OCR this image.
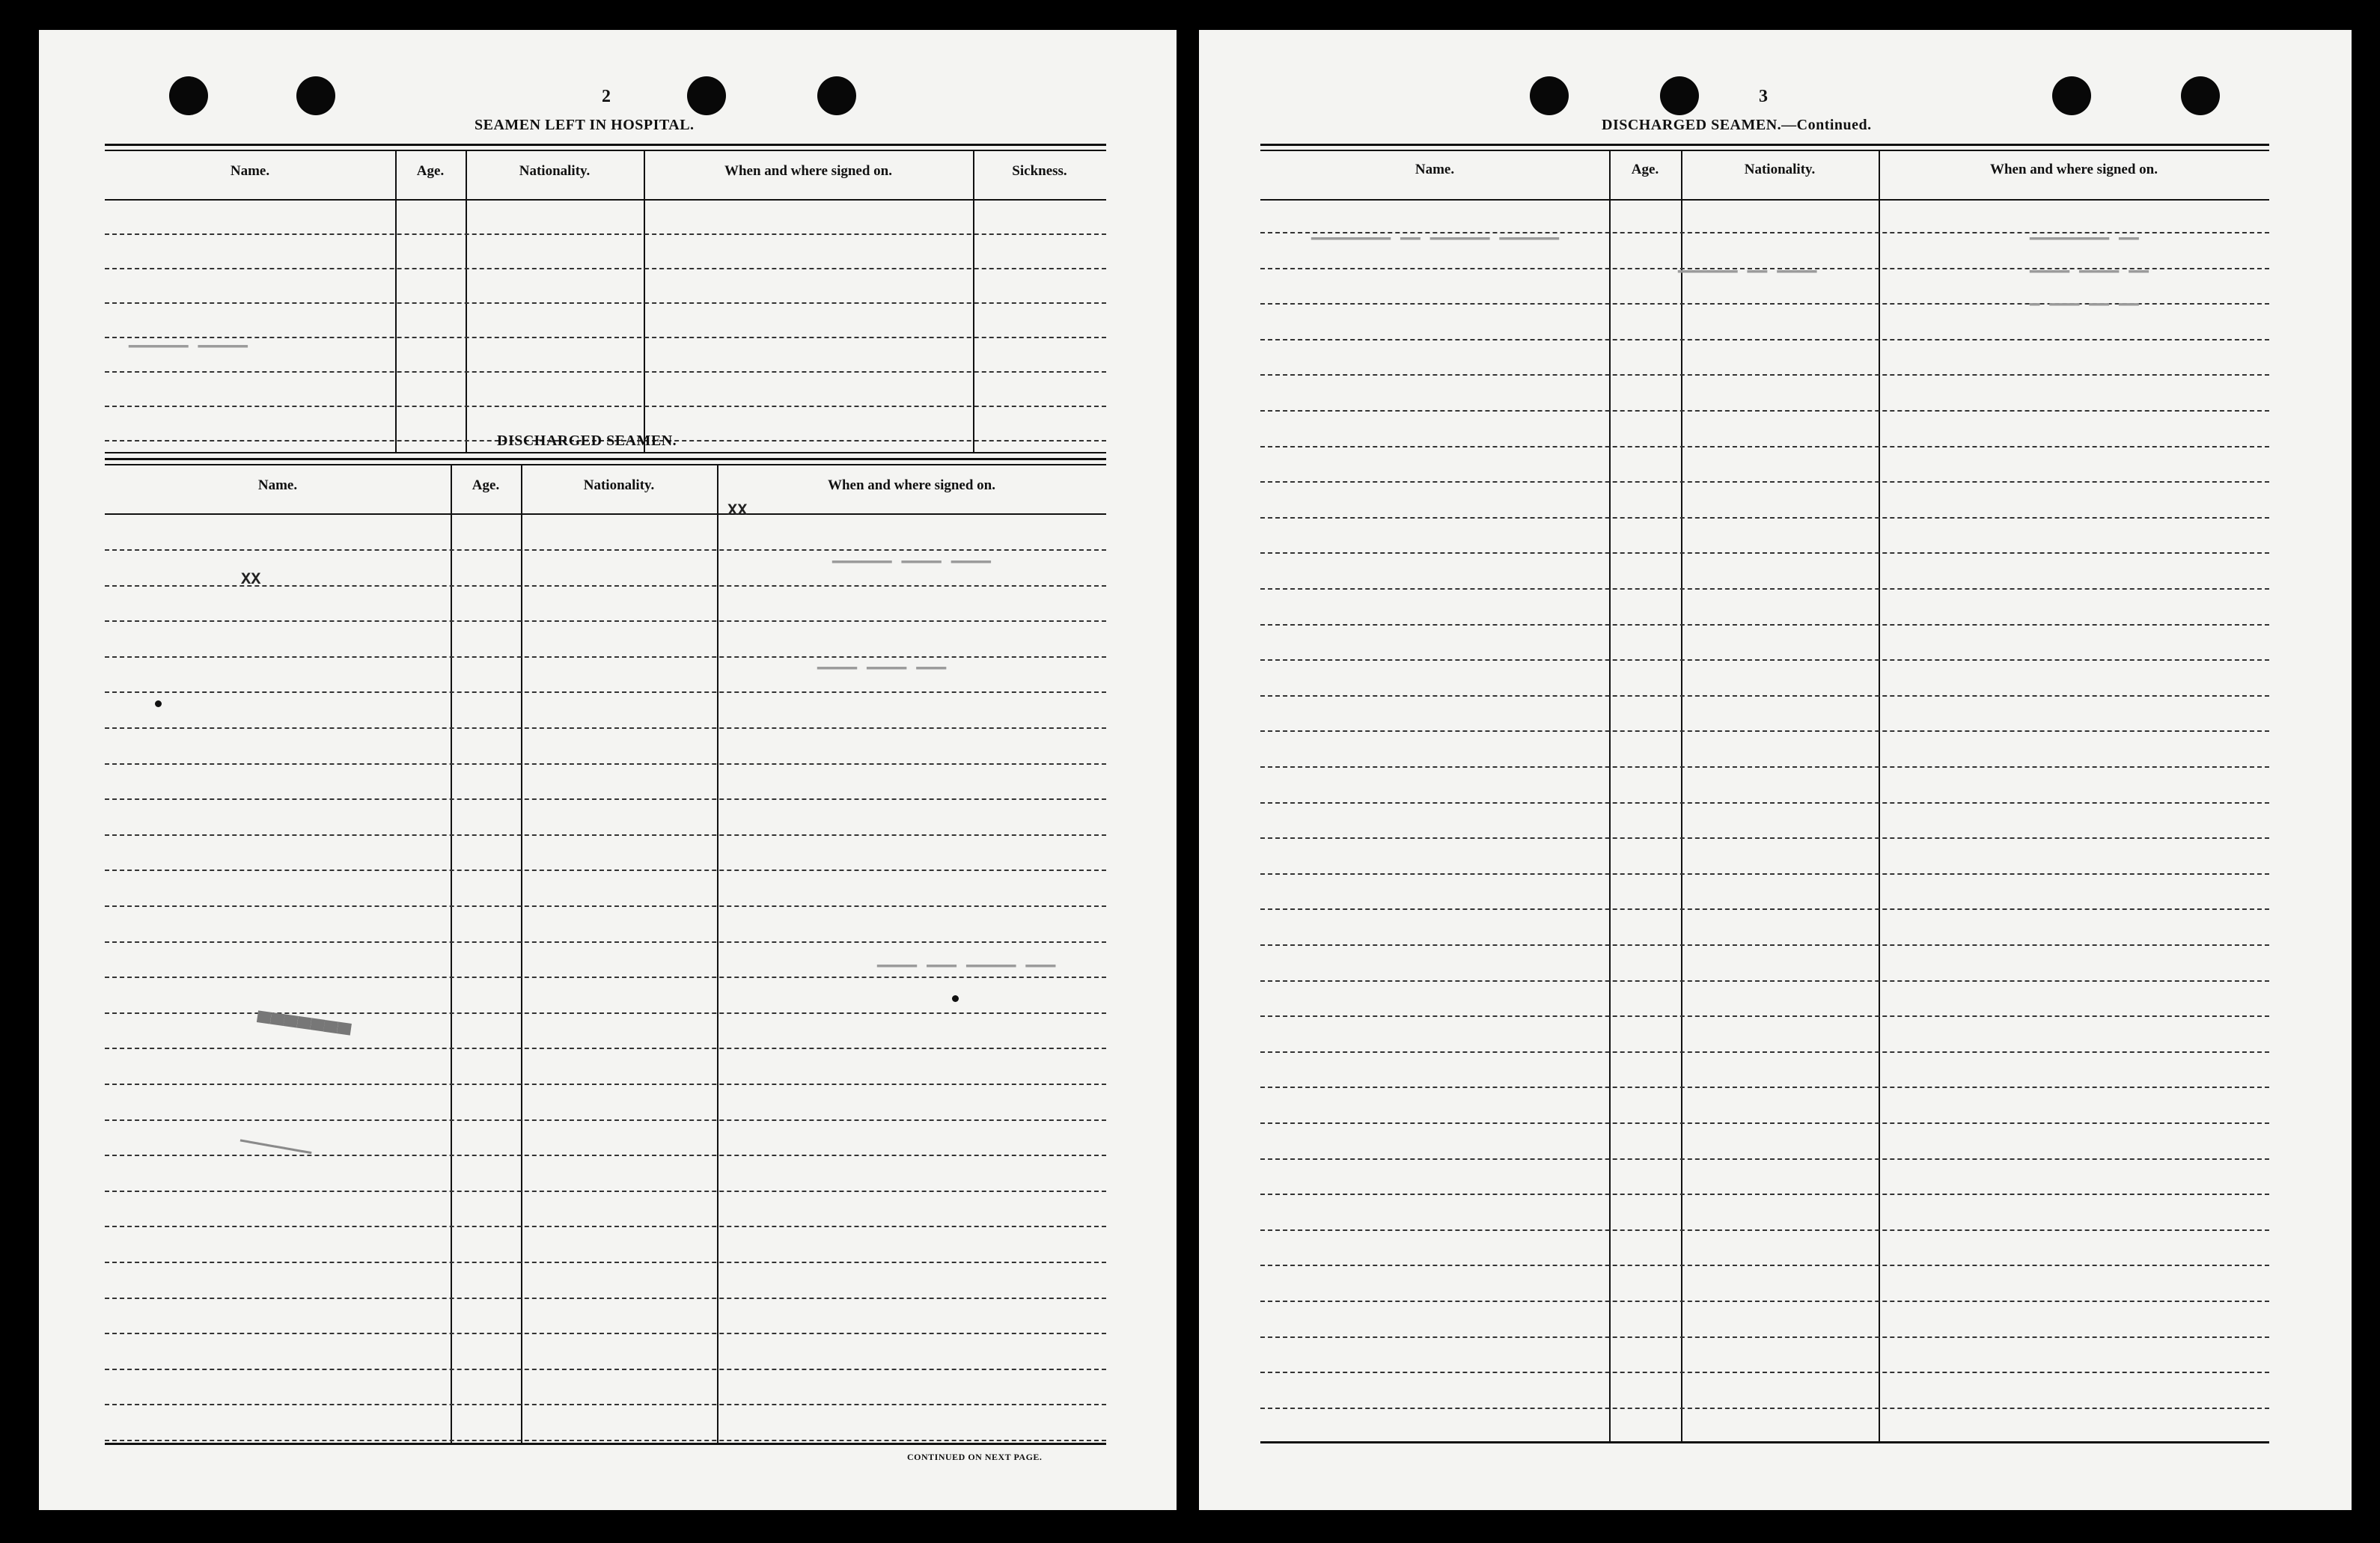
2
SEAMEN LEFT IN HOSPITAL.
Name.	Age.	Nationality.	When and where signed on.	Sickness.
DISCHARGED SEAMEN.
Name.	Age.	Nationality.	When and where signed on.
XX
XX
▁▁▁▁▁ ▁▁▁▁▁▁
▁▁▁▁ ▁▁▁▁ ▁▁▁▁▁▁
▁▁▁ ▁▁▁▁ ▁▁▁▁
▁▁▁ ▁▁▁▁▁ ▁▁▁ ▁▁▁▁
▀▀▀▀▀▀▀
▁▁▁▁▁▁▁▁
CONTINUED ON NEXT PAGE.
3
DISCHARGED SEAMEN.—Continued.
Name.	Age.	Nationality.	When and where signed on.
▁▁▁▁▁▁ ▁▁▁▁▁▁ ▁▁ ▁▁▁▁▁▁▁▁
▁▁▁▁ ▁▁ ▁▁▁▁▁▁
▁▁ ▁▁▁▁▁▁▁▁
▁▁ ▁▁▁▁ ▁▁▁▁
▁▁ ▁▁ ▁▁▁ ▁
